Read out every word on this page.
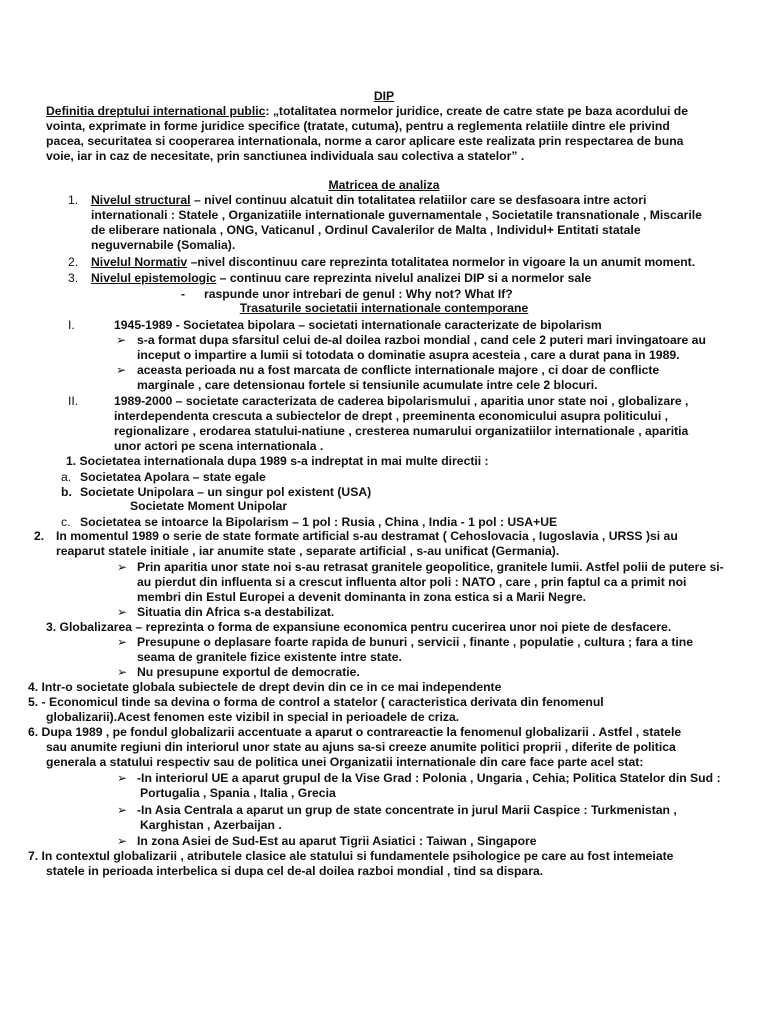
DIP
Definitia dreptului international public: „totalitatea normelor juridice, create de catre state pe baza acordului de
vointa, exprimate in forme juridice specifice (tratate, cutuma), pentru a reglementa relatiile dintre ele privind
pacea, securitatea si cooperarea internationala, norme a caror aplicare este realizata prin respectarea de buna
voie, iar in caz de necesitate, prin sanctiunea individuala sau colectiva a statelor” .
Matricea de analiza
1. Nivelul structural – nivel continuu alcatuit din totalitatea relatiilor care se desfasoara intre actori
internationali : Statele , Organizatiile internationale guvernamentale , Societatile transnationale , Miscarile
de eliberare nationala , ONG, Vaticanul , Ordinul Cavalerilor de Malta , Individul+ Entitati statale
neguvernabile (Somalia).
2. Nivelul Normativ –nivel discontinuu care reprezinta totalitatea normelor in vigoare la un anumit moment.
3. Nivelul epistemologic – continuu care reprezinta nivelul analizei DIP si a normelor sale
- raspunde unor intrebari de genul : Why not? What If?
Trasaturile societatii internationale contemporane
I.	1945-1989 - Societatea bipolara – societati internationale caracterizate de bipolarism
➢ s-a format dupa sfarsitul celui de-al doilea razboi mondial , cand cele 2 puteri mari invingatoare au
inceput o impartire a lumii si totodata o dominatie asupra acesteia , care a durat pana in 1989.
➢ aceasta perioada nu a fost marcata de conflicte internationale majore , ci doar de conflicte
marginale , care detensionau fortele si tensiunile acumulate intre cele 2 blocuri.
II.	1989-2000 – societate caracterizata de caderea bipolarismului , aparitia unor state noi , globalizare ,
interdependenta crescuta a subiectelor de drept , preeminenta economicului asupra politicului ,
regionalizare , erodarea statului-natiune , cresterea numarului organizatiilor internationale , aparitia
unor actori pe scena internationala .
1. Societatea internationala dupa 1989 s-a indreptat in mai multe directii :
a. Societatea Apolara – state egale
b. Societate Unipolara – un singur pol existent (USA)
Societate Moment Unipolar
c. Societatea se intoarce la Bipolarism – 1 pol : Rusia , China , India - 1 pol : USA+UE
2. In momentul 1989 o serie de state formate artificial s-au destramat ( Cehoslovacia , Iugoslavia , URSS )si au
reaparut statele initiale , iar anumite state , separate artificial , s-au unificat (Germania).
➢ Prin aparitia unor state noi s-au retrasat granitele geopolitice, granitele lumii. Astfel polii de putere si-
au pierdut din influenta si a crescut influenta altor poli : NATO , care , prin faptul ca a primit noi
membri din Estul Europei a devenit dominanta in zona estica si a Marii Negre.
➢ Situatia din Africa s-a destabilizat.
3. Globalizarea – reprezinta o forma de expansiune economica pentru cucerirea unor noi piete de desfacere.
➢ Presupune o deplasare foarte rapida de bunuri , servicii , finante , populatie , cultura ; fara a tine
seama de granitele fizice existente intre state.
➢ Nu presupune exportul de democratie.
4. Intr-o societate globala subiectele de drept devin din ce in ce mai independente
5. - Economicul tinde sa devina o forma de control a statelor ( caracteristica derivata din fenomenul
globalizarii).Acest fenomen este vizibil in special in perioadele de criza.
6. Dupa 1989 , pe fondul globalizarii accentuate a aparut o contrareactie la fenomenul globalizarii . Astfel , statele
sau anumite regiuni din interiorul unor state au ajuns sa-si creeze anumite politici proprii , diferite de politica
generala a statului respectiv sau de politica unei Organizatii internationale din care face parte acel stat:
➢ -In interiorul UE a aparut grupul de la Vise Grad : Polonia , Ungaria , Cehia; Politica Statelor din Sud :
Portugalia , Spania , Italia , Grecia
➢ -In Asia Centrala a aparut un grup de state concentrate in jurul Marii Caspice : Turkmenistan ,
Karghistan , Azerbaijan .
➢ In zona Asiei de Sud-Est au aparut Tigrii Asiatici : Taiwan , Singapore
7. In contextul globalizarii , atributele clasice ale statului si fundamentele psihologice pe care au fost intemeiate
statele in perioada interbelica si dupa cel de-al doilea razboi mondial , tind sa dispara.
